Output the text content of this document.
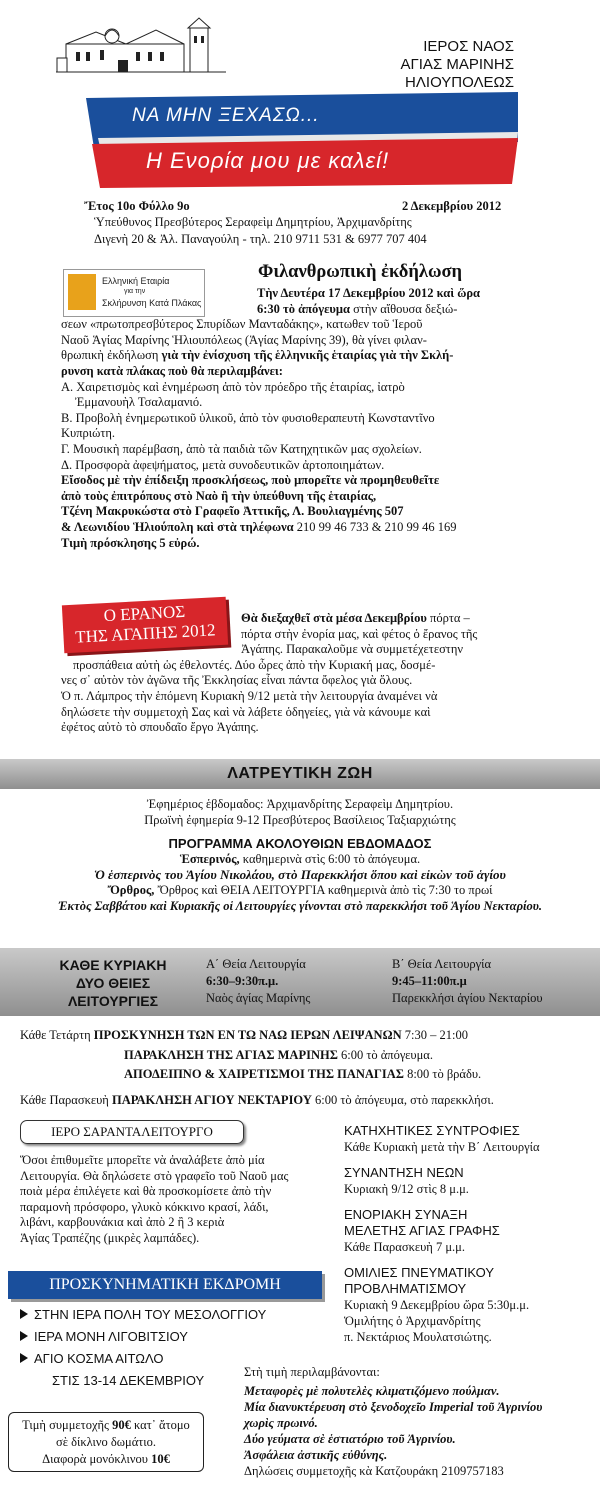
ΙΕΡΟΣ ΝΑΟΣ
ΑΓΙΑΣ ΜΑΡΙΝΗΣ ΗΛΙΟΥΠΟΛΕΩΣ
ΝΑ ΜΗΝ ΞΕΧΑΣΩ...
Η Ενορία μου με καλεί!
Ἔτος 10ο Φύλλο 9ο	2 Δεκεμβρίου 2012
Ὑπεύθυνος Πρεσβύτερος Σεραφεὶμ Δημητρίου, Ἀρχιμανδρίτης
Διγενὴ 20 & Ἀλ. Παναγούλη - τηλ. 210 9711 531 & 6977 707 404
Ελληνική Εταιρία
για την
Σκλήρυνση Κατά Πλάκας
Φιλανθρωπικὴ ἐκδήλωση
Τὴν Δευτέρα 17 Δεκεμβρίου 2012 καὶ ὥρα
6:30 τὸ ἀπόγευμα στὴν αἴθουσα δεξιώ-
σεων «πρωτοπρεσβύτερος Σπυρίδων Μανταδάκης», κατωθεν τοῦ Ἱεροῦ
Ναοῦ Ἁγίας Μαρίνης Ἡλιουπόλεως (Ἁγίας Μαρίνης 39), θὰ γίνει φιλαν-
θρωπικὴ ἐκδήλωση γιὰ τὴν ἐνίσχυση τῆς ἑλληνικῆς ἑταιρίας γιὰ τὴν Σκλή-
ρυνση κατὰ πλάκας ποὺ θὰ περιλαμβάνει:
Α. Χαιρετισμὸς καὶ ἐνημέρωση ἀπὸ τὸν πρόεδρο τῆς ἑταιρίας, ἰατρὸ
Ἐμμανουὴλ Τσαλαμανιό.
Β. Προβολὴ ἐνημερωτικοῦ ὑλικοῦ, ἀπὸ τὸν φυσιοθεραπευτὴ Κωνσταντῖνο
Κυπριώτη.
Γ. Μουσικὴ παρέμβαση, ἀπὸ τὰ παιδιὰ τῶν Κατηχητικῶν μας σχολείων.
Δ. Προσφορὰ ἀφεψήματος, μετὰ συνοδευτικῶν ἀρτοποιημάτων.
Εἴσοδος μὲ τὴν ἐπίδειξη προσκλήσεως, ποὺ μπορεῖτε νὰ προμηθευθεῖτε
ἀπὸ τοὺς ἐπιτρόπους στὸ Ναὸ ἢ τὴν ὑπεύθυνη τῆς ἑταιρίας,
Τζένη Μακρυκώστα στὸ Γραφεῖο Ἀττικῆς, Λ. Βουλιαγμένης 507
& Λεωνιδίου Ἡλιούπολη καὶ στὰ τηλέφωνα 210 99 46 733 & 210 99 46 169
Τιμὴ πρόσκλησης 5 εὐρώ.
Ο ΕΡΑΝΟΣ
ΤΗΣ ΑΓΑΠΗΣ 2012
Θὰ διεξαχθεῖ στὰ μέσα Δεκεμβρίου πόρτα –
πόρτα στὴν ἐνορία μας, καὶ φέτος ὁ ἔρανος τῆς
Ἀγάπης. Παρακαλοῦμε νὰ συμμετέχετεστην
προσπάθεια αὐτὴ ὡς ἐθελοντές. Δύο ὧρες ἀπὸ τὴν Κυριακή μας, δοσμέ-
νες σ᾽ αὐτὸν τὸν ἀγῶνα τῆς Ἐκκλησίας εἶναι πάντα ὄφελος γιὰ ὅλους.
Ὁ π. Λάμπρος τὴν ἑπόμενη Κυριακὴ 9/12 μετὰ τὴν λειτουργία ἀναμένει νὰ
δηλώσετε τὴν συμμετοχὴ Σας καὶ νὰ λάβετε ὁδηγείες, γιὰ νὰ κάνουμε καὶ
ἐφέτος αὐτὸ τὸ σπουδαῖο ἔργο Ἀγάπης.
ΛΑΤΡΕΥΤΙΚΗ ΖΩΗ
Ἐφημέριος ἑβδομαδος: Ἀρχιμανδρίτης Σεραφεὶμ Δημητρίου.
Πρωϊνὴ ἐφημερία 9-12 Πρεσβύτερος Βασίλειος Ταξιαρχιώτης
ΠΡΟΓΡΑΜΜΑ ΑΚΟΛΟΥΘΙΩΝ ΕΒΔΟΜΑΔΟΣ
Ἑσπερινός, καθημερινὰ στὶς 6:00 τὸ ἀπόγευμα.
Ὁ ἑσπερινὸς του Ἁγίου Νικολάου, στὸ Παρεκκλήσι ὅπου καὶ εἰκὼν τοῦ ἁγίου
Ὄρθρος, Ὄρθρος καὶ ΘΕΙΑ ΛΕΙΤΟΥΡΓΙΑ καθημερινὰ ἀπὸ τὶς 7:30 το πρωί
Ἐκτὸς Σαββάτου καὶ Κυριακῆς οἱ Λειτουργίες γίνονται στὸ παρεκκλήσι τοῦ Ἁγίου Νεκταρίου.
ΚΑΘΕ ΚΥΡΙΑΚΗ
ΔΥΟ ΘΕΙΕΣ
ΛΕΙΤΟΥΡΓΙΕΣ
Α΄ Θεία Λειτουργία
6:30–9:30π.μ.
Ναὸς ἁγίας Μαρίνης
Β΄ Θεία Λειτουργία
9:45–11:00π.μ
Παρεκκλήσι ἁγίου Νεκταρίου
Κάθε Τετάρτη ΠΡΟΣΚΥΝΗΣΗ ΤΩΝ ΕΝ ΤΩ ΝΑΩ ΙΕΡΩΝ ΛΕΙΨΑΝΩΝ 7:30 – 21:00
ΠΑΡΑΚΛΗΣΗ ΤΗΣ ΑΓΙΑΣ ΜΑΡΙΝΗΣ 6:00 τὸ ἀπόγευμα.
ΑΠΟΔΕΙΠΝΟ & ΧΑΙΡΕΤΙΣΜΟΙ ΤΗΣ ΠΑΝΑΓΙΑΣ 8:00 τὸ βράδυ.
Κάθε Παρασκευὴ ΠΑΡΑΚΛΗΣΗ ΑΓΙΟΥ ΝΕΚΤΑΡΙΟΥ 6:00 τὸ ἀπόγευμα, στὸ παρεκκλήσι.
ΙΕΡΟ ΣΑΡΑΝΤΑΛΕΙΤΟΥΡΓΟ
Ὅσοι ἐπιθυμεῖτε μπορεῖτε νὰ ἀναλάβετε ἀπὸ μία
Λειτουργία. Θὰ δηλώσετε στὸ γραφεῖο τοῦ Ναοῦ μας
ποιὰ μέρα ἐπιλέγετε καὶ θὰ προσκομίσετε ἀπὸ τὴν
παραμονὴ πρόσφορο, γλυκὸ κόκκινο κρασί, λάδι,
λιβάνι, καρβουνάκια καὶ ἀπὸ 2 ἢ 3 κεριὰ
Ἁγίας Τραπέζης (μικρὲς λαμπάδες).
ΠΡΟΣΚΥΝΗΜΑΤΙΚΗ ΕΚΔΡΟΜΗ
ΣΤΗΝ ΙΕΡΑ ΠΟΛΗ ΤΟΥ ΜΕΣΟΛΟΓΓΙΟΥ
ΙΕΡΑ ΜΟΝΗ ΛΙΓΟΒΙΤΣΙΟΥ
ΑΓΙΟ ΚΟΣΜΑ ΑΙΤΩΛΟ
ΣΤΙΣ 13-14 ΔΕΚΕΜΒΡΙΟΥ
Τιμὴ συμμετοχῆς 90€ κατ᾽ ἄτομο
σὲ δίκλινο δωμάτιο.
Διαφορὰ μονόκλινου 10€
ΚΑΤΗΧΗΤΙΚΕΣ ΣΥΝΤΡΟΦΙΕΣ
Κάθε Κυριακὴ μετὰ τὴν Β΄ Λειτουργία
ΣΥΝΑΝΤΗΣΗ ΝΕΩΝ
Κυριακὴ 9/12 στὶς 8 μ.μ.
ΕΝΟΡΙΑΚΗ ΣΥΝΑΞΗ
ΜΕΛΕΤΗΣ ΑΓΙΑΣ ΓΡΑΦΗΣ
Κάθε Παρασκευὴ 7 μ.μ.
ΟΜΙΛΙΕΣ ΠΝΕΥΜΑΤΙΚΟΥ
ΠΡΟΒΛΗΜΑΤΙΣΜΟΥ
Κυριακὴ 9 Δεκεμβρίου ὥρα 5:30μ.μ.
Ὁμιλήτης ὁ Ἀρχιμανδρίτης
π. Νεκτάριος Μουλατσιώτης.
Στὴ τιμὴ περιλαμβάνονται:
Μεταφορὲς μὲ πολυτελὲς κλιματιζόμενο πούλμαν.
Μία διανυκτέρευση στὸ ξενοδοχεῖο Imperial τοῦ Ἀγρινίου
χωρὶς πρωινό.
Δύο γεύματα σὲ ἑστιατόριο τοῦ Ἀγρινίου.
Ἀσφάλεια ἀστικῆς εὐθύνης.
Δηλώσεις συμμετοχῆς κὰ Κατζουράκη 2109757183
